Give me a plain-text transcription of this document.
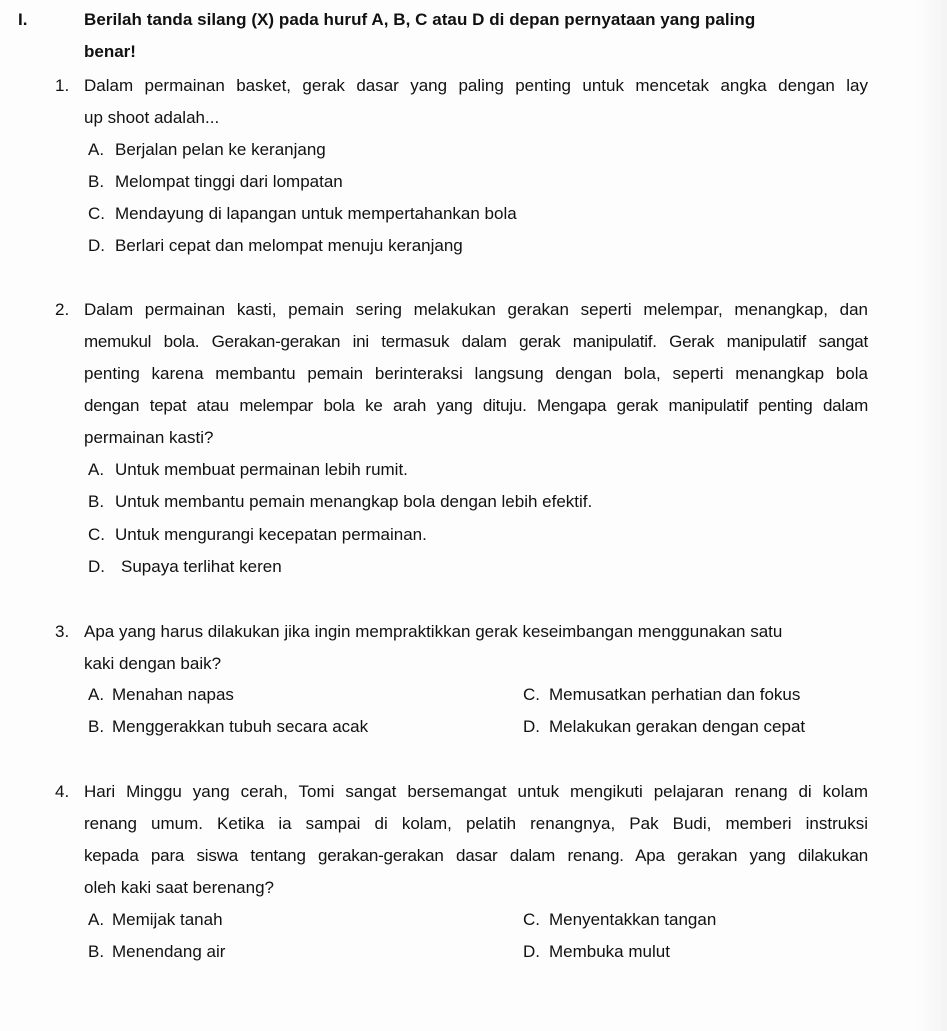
I.	Berilah tanda silang (X) pada huruf A, B, C atau D di depan pernyataan yang paling
benar!
1. Dalam permainan basket, gerak dasar yang paling penting untuk mencetak angka dengan lay
up shoot adalah...
A. Berjalan pelan ke keranjang
B. Melompat tinggi dari lompatan
C. Mendayung di lapangan untuk mempertahankan bola
D. Berlari cepat dan melompat menuju keranjang
2. Dalam permainan kasti, pemain sering melakukan gerakan seperti melempar, menangkap, dan
memukul bola. Gerakan-gerakan ini termasuk dalam gerak manipulatif. Gerak manipulatif sangat
penting karena membantu pemain berinteraksi langsung dengan bola, seperti menangkap bola
dengan tepat atau melempar bola ke arah yang dituju. Mengapa gerak manipulatif penting dalam
permainan kasti?
A. Untuk membuat permainan lebih rumit.
B. Untuk membantu pemain menangkap bola dengan lebih efektif.
C. Untuk mengurangi kecepatan permainan.
D. Supaya terlihat keren
3. Apa yang harus dilakukan jika ingin mempraktikkan gerak keseimbangan menggunakan satu
kaki dengan baik?
A. Menahan napas
B. Menggerakkan tubuh secara acak
C. Memusatkan perhatian dan fokus
D. Melakukan gerakan dengan cepat
4. Hari Minggu yang cerah, Tomi sangat bersemangat untuk mengikuti pelajaran renang di kolam
renang umum. Ketika ia sampai di kolam, pelatih renangnya, Pak Budi, memberi instruksi
kepada para siswa tentang gerakan-gerakan dasar dalam renang. Apa gerakan yang dilakukan
oleh kaki saat berenang?
A. Memijak tanah
B. Menendang air
C. Menyentakkan tangan
D. Membuka mulut
